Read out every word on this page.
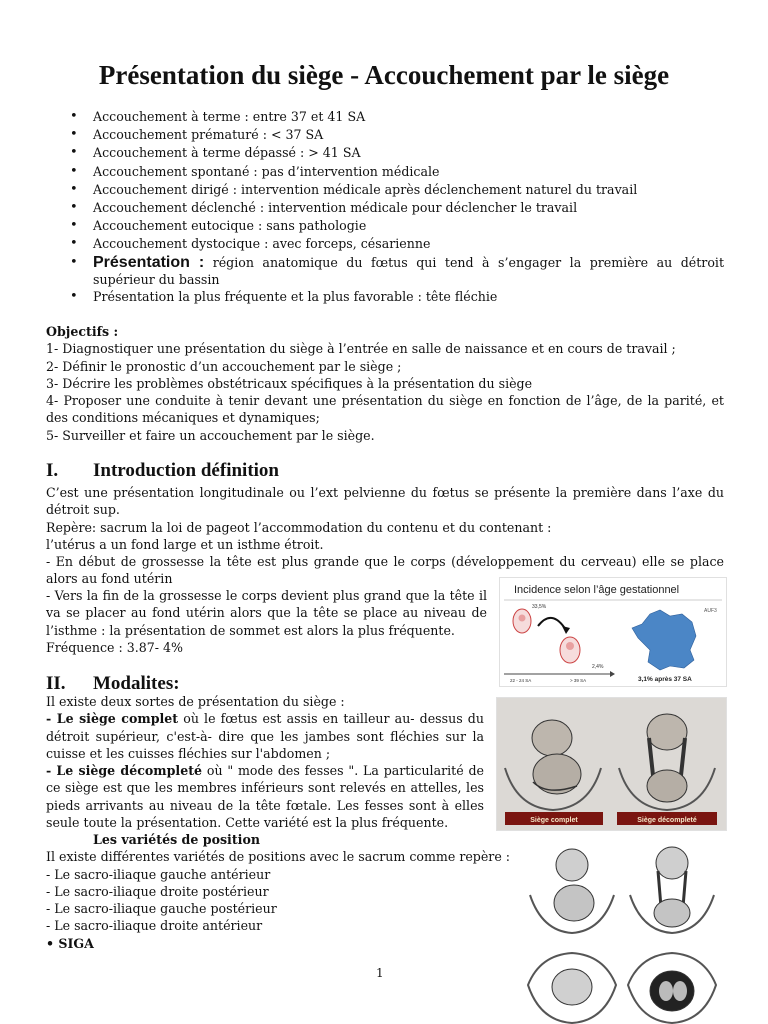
Présentation du siège - Accouchement par le siège
• Accouchement à terme : entre 37 et 41 SA
• Accouchement prématuré : < 37 SA
• Accouchement à terme dépassé : > 41 SA
• Accouchement spontané : pas d’intervention médicale
• Accouchement dirigé : intervention médicale après déclenchement naturel du travail
• Accouchement déclenché : intervention médicale pour déclencher le travail
• Accouchement eutocique : sans pathologie
• Accouchement dystocique : avec forceps, césarienne
• Présentation : région anatomique du fœtus qui tend à s’engager la première au détroit supérieur du bassin
• Présentation la plus fréquente et la plus favorable : tête fléchie

Objectifs :

1- Diagnostiquer une présentation du siège à l’entrée en salle de naissance et en cours de travail ;

2- Définir le pronostic d’un accouchement par le siège ;

3- Décrire les problèmes obstétricaux spécifiques à la présentation du siège

4- Proposer une conduite à tenir devant une présentation du siège en fonction de l’âge, de la parité, et des conditions mécaniques et dynamiques;

5- Surveiller et faire un accouchement par le siège.

I. Introduction définition

C’est une présentation longitudinale ou l’ext pelvienne du fœtus se présente la première dans l’axe du détroit sup.

Repère: sacrum la loi de pageot l’accommodation du contenu et du contenant :

l’utérus a un fond large et un isthme étroit.

- En début de grossesse la tête est plus grande que le corps (développement du cerveau) elle se place alors au fond utérin

- Vers la fin de la grossesse le corps devient plus grand que la tête il va se placer au fond utérin alors que la tête se place au niveau de l’isthme : la présentation de sommet est alors la plus fréquente.

Fréquence : 3.87- 4%

Incidence selon l’âge gestationnel
AUF3
33,5%
2,4%
22 - 24 SA	> 39 SA	3,1% après 37 SA
II. Modalites:

Il existe deux sortes de présentation du siège :

- Le siège complet où le fœtus est assis en tailleur au- dessus du détroit supérieur, c'est-à- dire que les jambes sont fléchies sur la cuisse et les cuisses fléchies sur l'abdomen ;

- Le siège décompleté où " mode des fesses ". La particularité de ce siège est que les membres inférieurs sont relevés en attelles, les pieds arrivants au niveau de la tête fœtale. Les fesses sont à elles seule toute la présentation. Cette variété est la plus fréquente.

Les variétés de position

Il existe différentes variétés de positions avec le sacrum comme repère :

- Le sacro-iliaque gauche antérieur

- Le sacro-iliaque droite postérieur

- Le sacro-iliaque gauche postérieur

- Le sacro-iliaque droite antérieur

• SIGA

Siège complet	Siège décompleté
1
